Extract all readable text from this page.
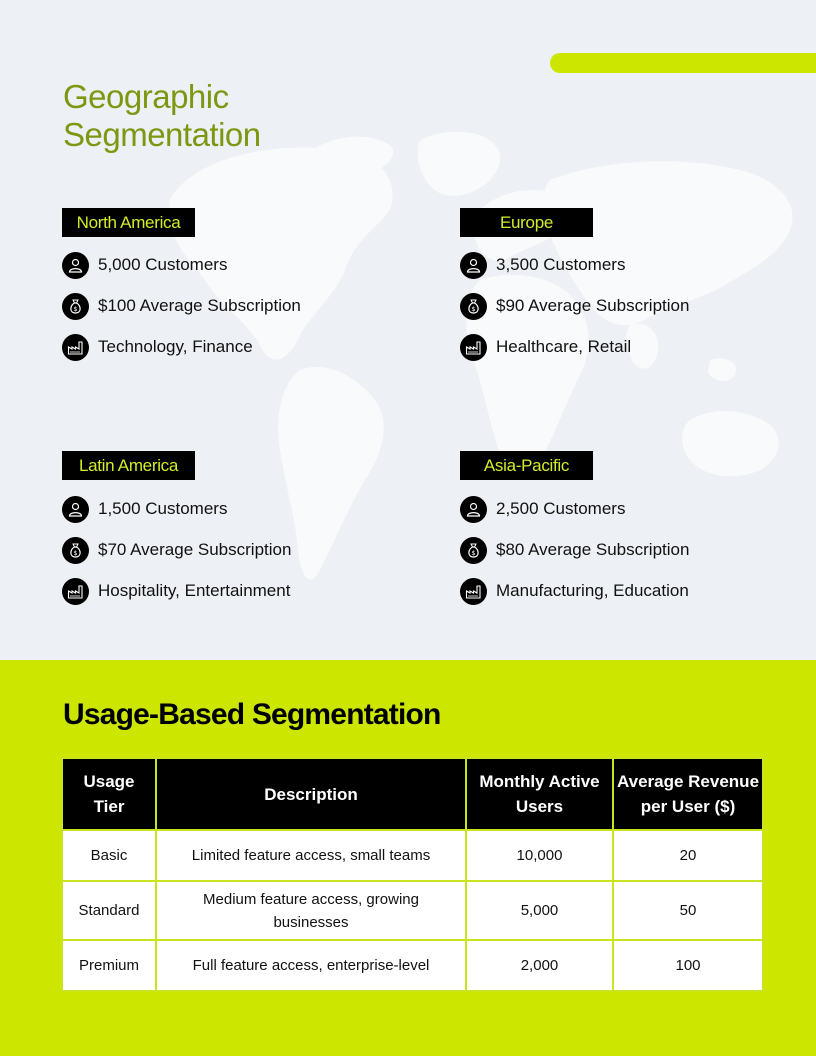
Geographic
Segmentation
North America
5,000 Customers
$ $100 Average Subscription
Technology, Finance
Europe
3,500 Customers
$ $90 Average Subscription
Healthcare, Retail
Latin America
1,500 Customers
$ $70 Average Subscription
Hospitality, Entertainment
Asia-Pacific
2,500 Customers
$ $80 Average Subscription
Manufacturing, Education
Usage-Based Segmentation
Usage Tier	Description	Monthly Active Users	Average Revenue per User ($)
Basic	Limited feature access, small teams	10,000	20
Standard	Medium feature access, growing businesses	5,000	50
Premium	Full feature access, enterprise-level	2,000	100
